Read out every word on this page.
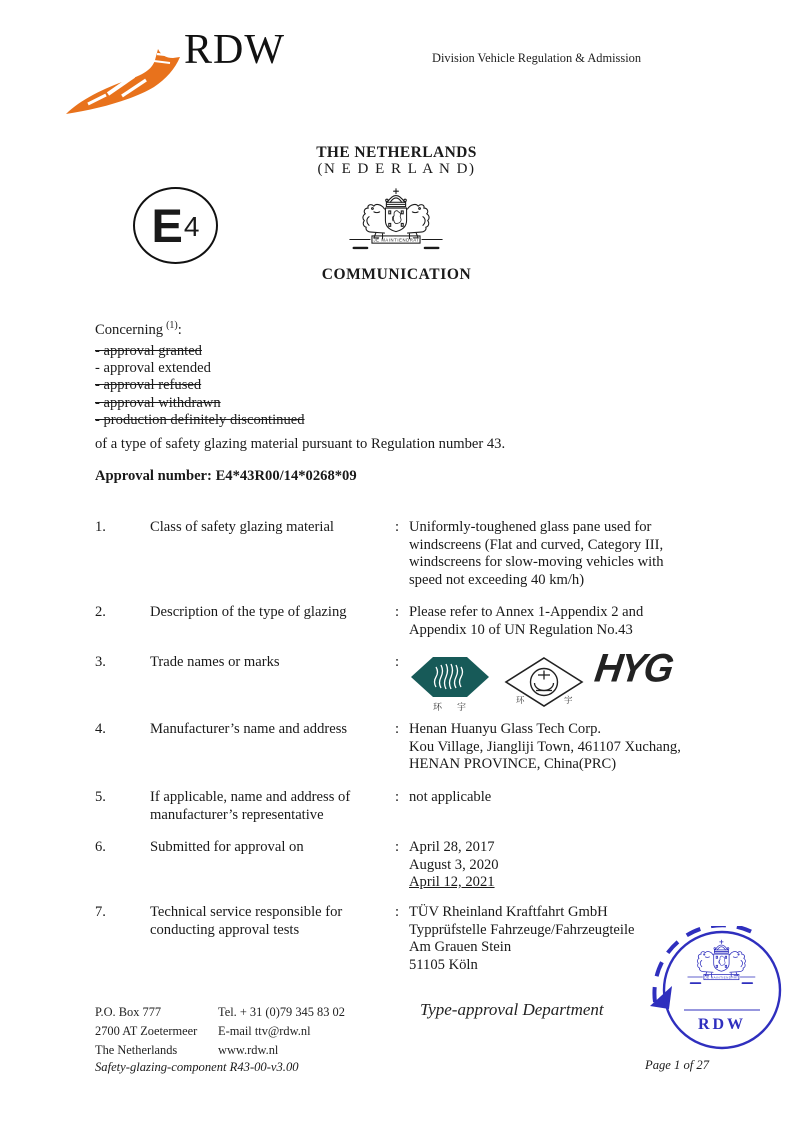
RDW	Division Vehicle Regulation & Admission
THE NETHERLANDS
(N E D E R L A N D)
E 4
COMMUNICATION
Concerning $^{(1)}$:
- approval granted
- approval extended
- approval refused
- approval withdrawn
- production definitely discontinued
of a type of safety glazing material pursuant to Regulation number 43.
Approval number: E4*43R00/14*0268*09
1.	Class of safety glazing material	: Uniformly-toughened glass pane used for
windscreens (Flat and curved, Category III,
windscreens for slow-moving vehicles with
speed not exceeding 40 km/h)
2.	Description of the type of glazing	: Please refer to Annex 1-Appendix 2 and
Appendix 10 of UN Regulation No.43
3.	Trade names or marks	:
环 宇
环	宇
HYG
4.	Manufacturer’s name and address	: Henan Huanyu Glass Tech Corp.
Kou Village, Jiangliji Town, 461107 Xuchang,
HENAN PROVINCE, China(PRC)
5.	If applicable, name and address of
manufacturer’s representative
: not applicable
6.	Submitted for approval on	: April 28, 2017
August 3, 2020
April 12, 2021
7.	Technical service responsible for
conducting approval tests
: TÜV Rheinland Kraftfahrt GmbH
Typprüfstelle Fahrzeuge/Fahrzeugteile
Am Grauen Stein
51105 Köln
RDW
P.O. Box 777
2700 AT Zoetermeer
The Netherlands
Tel. + 31 (0)79 345 83 02
E-mail ttv@rdw.nl
www.rdw.nl
Type-approval Department
Safety-glazing-component R43-00-v3.00	Page 1 of 27
